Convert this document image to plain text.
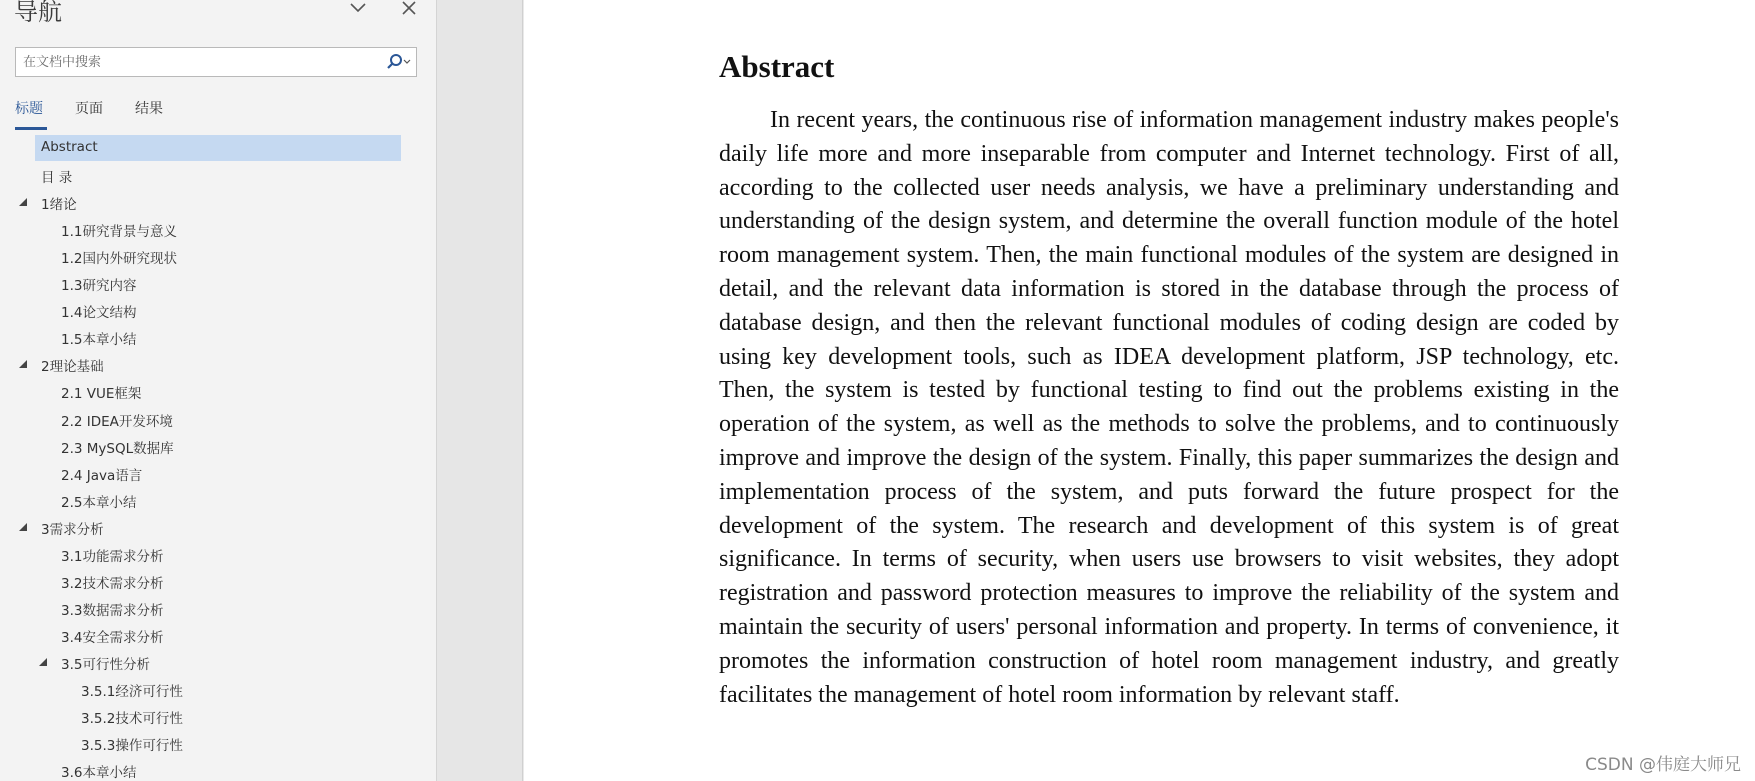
导航
在文档中搜索
标题 页面 结果
Abstract
目 录
1绪论
1.1研究背景与意义
1.2国内外研究现状
1.3研究内容
1.4论文结构
1.5本章小结
2理论基础
2.1 VUE框架
2.2 IDEA开发环境
2.3 MySQL数据库
2.4 Java语言
2.5本章小结
3需求分析
3.1功能需求分析
3.2技术需求分析
3.3数据需求分析
3.4安全需求分析
3.5可行性分析
3.5.1经济可行性
3.5.2技术可行性
3.5.3操作可行性
3.6本章小结
Abstract
In recent years, the continuous rise of information management industry makes people's daily life more and more inseparable from computer and Internet technology. First of all, according to the collected user needs analysis, we have a preliminary understanding and understanding of the design system, and determine the overall function module of the hotel room management system. Then, the main functional modules of the system are designed in detail, and the relevant data information is stored in the database through the process of database design, and then the relevant functional modules of coding design are coded by using key development tools, such as IDEA development platform, JSP technology, etc. Then, the system is tested by functional testing to find out the problems existing in the operation of the system, as well as the methods to solve the problems, and to continuously improve and improve the design of the system. Finally, this paper summarizes the design and implementation process of the system, and puts forward the future prospect for the development of the system. The research and development of this system is of great significance. In terms of security, when users use browsers to visit websites, they adopt registration and password protection measures to improve the reliability of the system and maintain the security of users' personal information and property. In terms of convenience, it promotes the information construction of hotel room management industry, and greatly facilitates the management of hotel room information by relevant staff.
CSDN @伟庭大师兄
